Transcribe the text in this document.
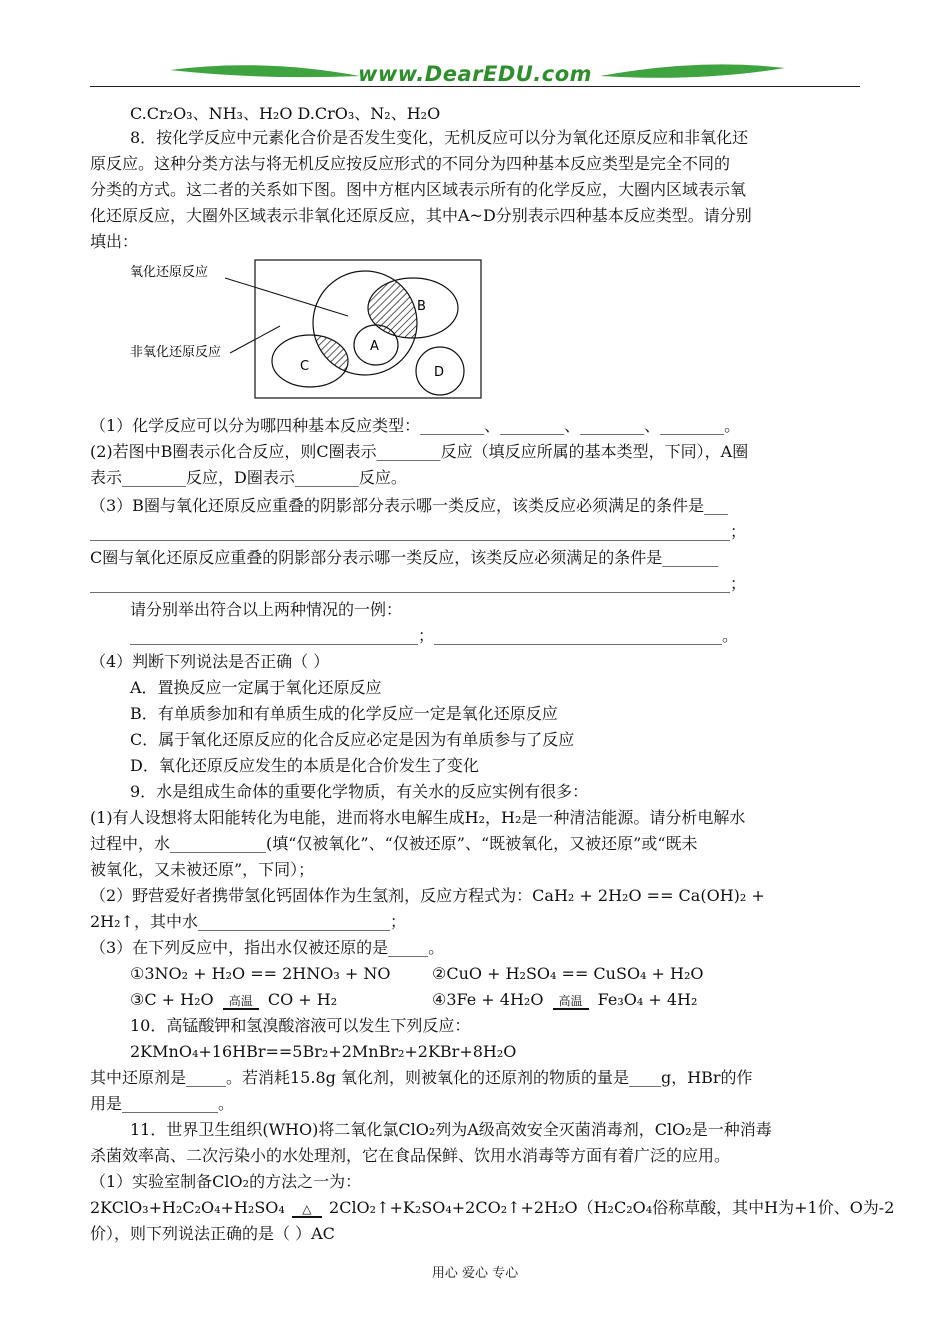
www.DearEDU.com
C.Cr₂O₃、NH₃、H₂O D.CrO₃、N₂、H₂O
8．按化学反应中元素化合价是否发生变化，无机反应可以分为氧化还原反应和非氧化还
原反应。这种分类方法与将无机反应按反应形式的不同分为四种基本反应类型是完全不同的
分类的方式。这二者的关系如下图。图中方框内区域表示所有的化学反应，大圈内区域表示氧
化还原反应，大圈外区域表示非氧化还原反应，其中A~D分别表示四种基本反应类型。请分别
填出：
氧化还原反应
非氧化还原反应
B
A
C	D
（1）化学反应可以分为哪四种基本反应类型：________、________、________、________。
(2)若图中B圈表示化合反应，则C圈表示________反应（填反应所属的基本类型，下同），A圈
表示________反应，D圈表示________反应。
（3）B圈与氧化还原反应重叠的阴影部分表示哪一类反应，该类反应必须满足的条件是___
________________________________________________________________________________；
C圈与氧化还原反应重叠的阴影部分表示哪一类反应，该类反应必须满足的条件是_______
________________________________________________________________________________；
请分别举出符合以上两种情况的一例：
____________________________________；____________________________________。
（4）判断下列说法是否正确（ ）
A．置换反应一定属于氧化还原反应
B．有单质参加和有单质生成的化学反应一定是氧化还原反应
C．属于氧化还原反应的化合反应必定是因为有单质参与了反应
D．氧化还原反应发生的本质是化合价发生了变化
9．水是组成生命体的重要化学物质，有关水的反应实例有很多：
(1)有人设想将太阳能转化为电能，进而将水电解生成H₂，H₂是一种清洁能源。请分析电解水
过程中，水____________(填“仅被氧化”、“仅被还原”、“既被氧化，又被还原”或“既未
被氧化，又未被还原”，下同）；
（2）野营爱好者携带氢化钙固体作为生氢剂，反应方程式为：CaH₂ + 2H₂O == Ca(OH)₂ +
2H₂↑，其中水________________________；
（3）在下列反应中，指出水仅被还原的是_____。
①3NO₂ + H₂O == 2HNO₃ + NO	②CuO + H₂SO₄ == CuSO₄ + H₂O
③C + H₂O	高温 CO + H₂	④3Fe + 4H₂O	高温 Fe₃O₄ + 4H₂
10．高锰酸钾和氢溴酸溶液可以发生下列反应：
2KMnO₄+16HBr==5Br₂+2MnBr₂+2KBr+8H₂O
其中还原剂是_____。若消耗15.8g 氧化剂，则被氧化的还原剂的物质的量是____g，HBr的作
用是____________。
11．世界卫生组织(WHO)将二氧化氯ClO₂列为A级高效安全灭菌消毒剂，ClO₂是一种消毒
杀菌效率高、二次污染小的水处理剂，它在食品保鲜、饮用水消毒等方面有着广泛的应用。
（1）实验室制备ClO₂的方法之一为：
2KClO₃+H₂C₂O₄+H₂SO₄	△	2ClO₂↑+K₂SO₄+2CO₂↑+2H₂O（H₂C₂O₄俗称草酸，其中H为+1价、O为-2
价），则下列说法正确的是（ ）AC
用心 爱心 专心
